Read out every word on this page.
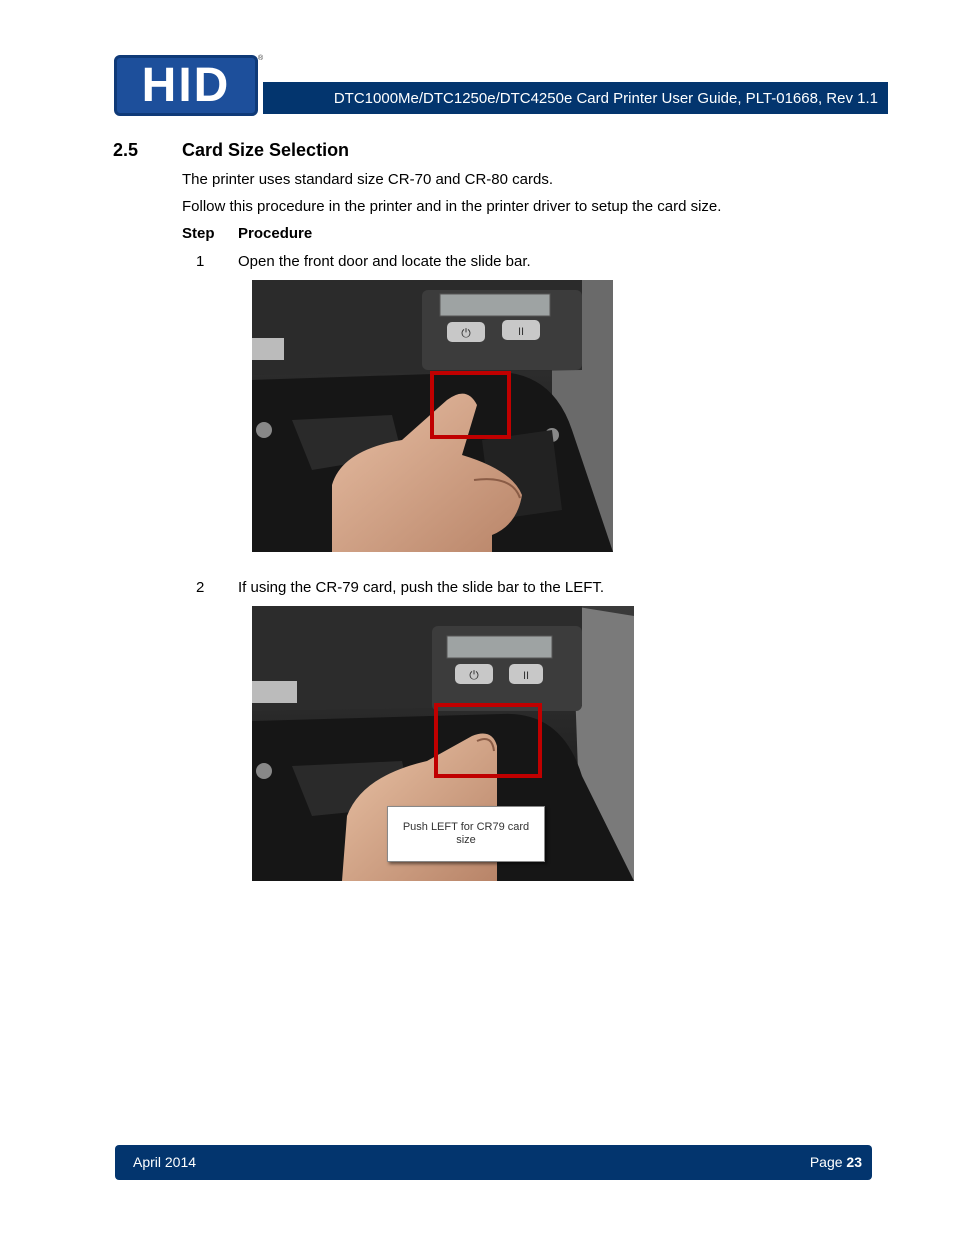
HID
®
DTC1000Me/DTC1250e/DTC4250e Card Printer User Guide, PLT-01668, Rev 1.1
2.5 Card Size Selection
The printer uses standard size CR-70 and CR-80 cards.
Follow this procedure in the printer and in the printer driver to setup the card size.
Step Procedure
1 Open the front door and locate the slide bar.
⏻	II
2 If using the CR-79 card, push the slide bar to the LEFT.
⏻	II
Push LEFT for CR79 card size
April 2014	Page 23
